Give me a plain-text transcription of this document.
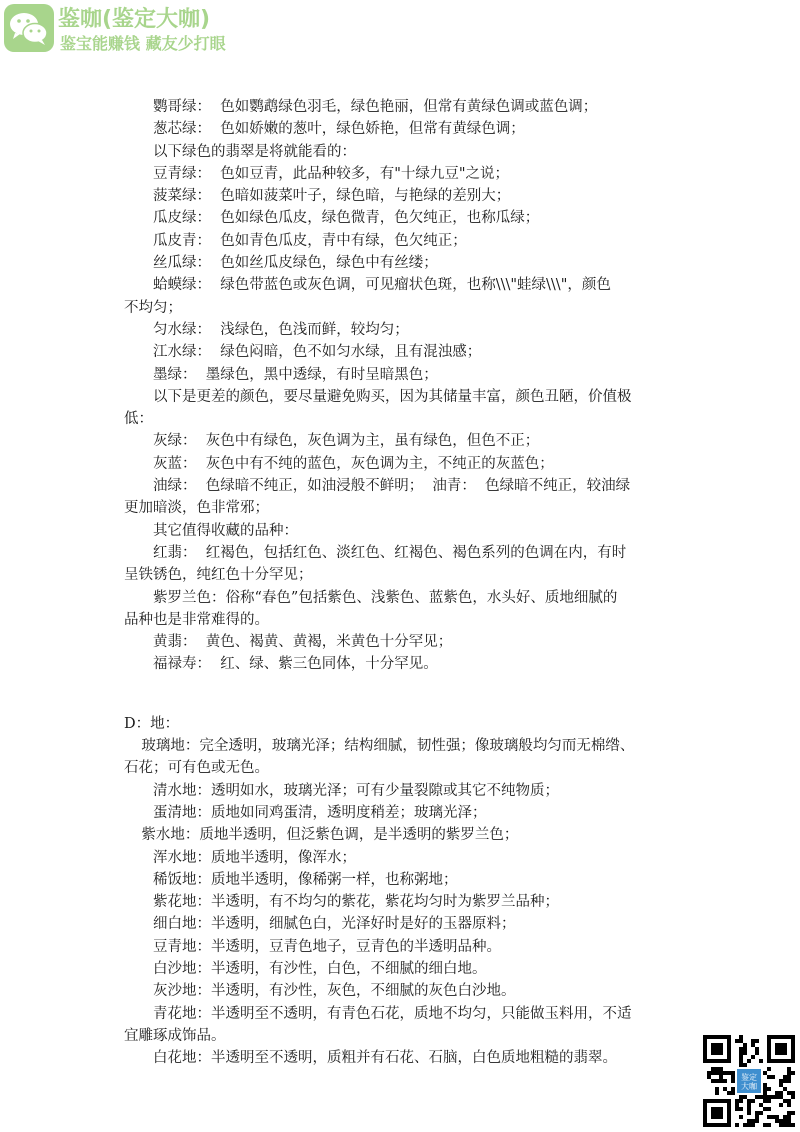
鉴咖(鉴定大咖)
鉴宝能赚钱 藏友少打眼
鹦哥绿：  色如鹦鹉绿色羽毛，绿色艳丽，但常有黄绿色调或蓝色调；
葱芯绿：  色如娇嫩的葱叶，绿色娇艳，但常有黄绿色调；
以下绿色的翡翠是将就能看的：
豆青绿：  色如豆青，此品种较多，有"十绿九豆"之说；
菠菜绿：  色暗如菠菜叶子，绿色暗，与艳绿的差别大；
瓜皮绿：  色如绿色瓜皮，绿色微青，色欠纯正，也称瓜绿；
瓜皮青：  色如青色瓜皮，青中有绿，色欠纯正；
丝瓜绿：  色如丝瓜皮绿色，绿色中有丝缕；
蛤蟆绿：  绿色带蓝色或灰色调，可见瘤状色斑，也称\\\"蛙绿\\\"，颜色
不均匀；
匀水绿：  浅绿色，色浅而鲜，较均匀；
江水绿：  绿色闷暗，色不如匀水绿，且有混浊感；
墨绿：  墨绿色，黑中透绿，有时呈暗黑色；
以下是更差的颜色，要尽量避免购买，因为其储量丰富，颜色丑陋，价值极
低：
灰绿：  灰色中有绿色，灰色调为主，虽有绿色，但色不正；
灰蓝：  灰色中有不纯的蓝色，灰色调为主，不纯正的灰蓝色；
油绿：  色绿暗不纯正，如油浸般不鲜明；  油青：  色绿暗不纯正，较油绿
更加暗淡，色非常邪；
其它值得收藏的品种：
红翡：  红褐色，包括红色、淡红色、红褐色、褐色系列的色调在内，有时
呈铁锈色，纯红色十分罕见；
紫罗兰色：俗称“春色”包括紫色、浅紫色、蓝紫色，水头好、质地细腻的
品种也是非常难得的。
黄翡：  黄色、褐黄、黄褐，米黄色十分罕见；
福禄寿：  红、绿、紫三色同体，十分罕见。
D：地：
玻璃地：完全透明，玻璃光泽；结构细腻，韧性强；像玻璃般均匀而无棉绺、
石花；可有色或无色。
清水地：透明如水，玻璃光泽；可有少量裂隙或其它不纯物质；
蛋清地：质地如同鸡蛋清，透明度稍差；玻璃光泽；
紫水地：质地半透明，但泛紫色调，是半透明的紫罗兰色；
浑水地：质地半透明，像浑水；
稀饭地：质地半透明，像稀粥一样，也称粥地；
紫花地：半透明，有不均匀的紫花，紫花均匀时为紫罗兰品种；
细白地：半透明，细腻色白，光泽好时是好的玉器原料；
豆青地：半透明，豆青色地子，豆青色的半透明品种。
白沙地：半透明，有沙性，白色，不细腻的细白地。
灰沙地：半透明，有沙性，灰色，不细腻的灰色白沙地。
青花地：半透明至不透明，有青色石花，质地不均匀，只能做玉料用，不适
宜雕琢成饰品。
白花地：半透明至不透明，质粗并有石花、石脑，白色质地粗糙的翡翠。
鉴定
大咖
